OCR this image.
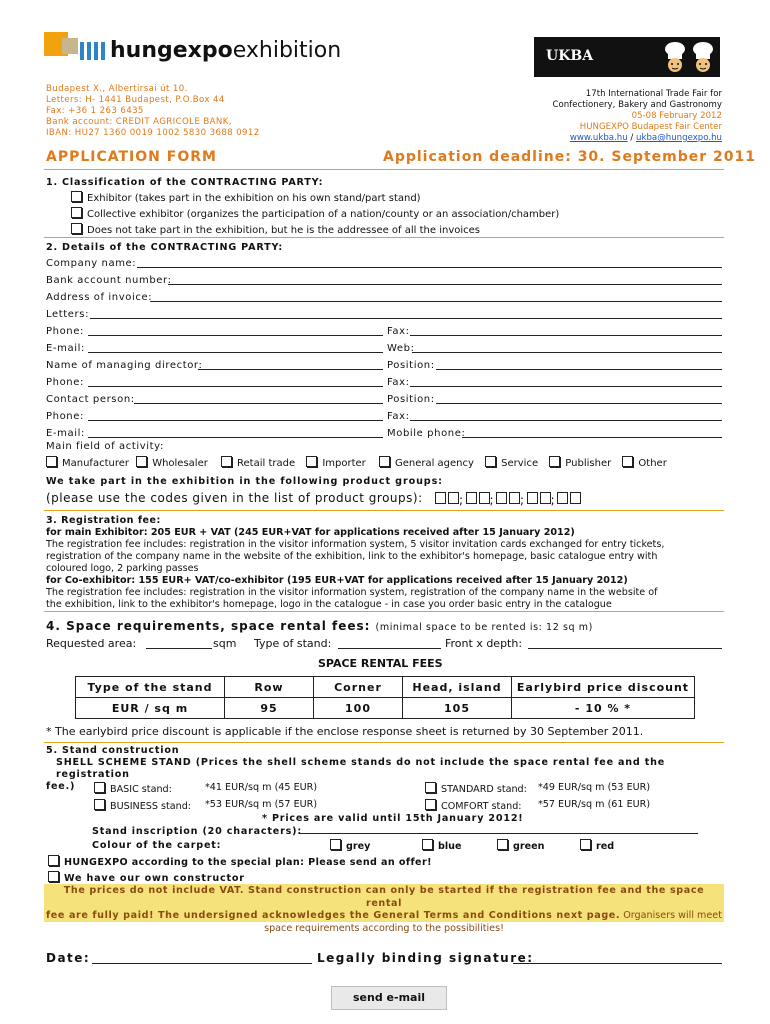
hungexpoexhibition	UKBA
Budapest X., Albertirsai út 10.
Letters: H- 1441 Budapest, P.O.Box 44
Fax: +36 1 263 6435
Bank account: CREDIT AGRICOLE BANK,
IBAN: HU27 1360 0019 1002 5830 3688 0912
17th International Trade Fair for
Confectionery, Bakery and Gastronomy
05-08 February 2012
HUNGEXPO Budapest Fair Center
www.ukba.hu / ukba@hungexpo.hu
APPLICATION FORM	Application deadline: 30. September 2011
1. Classification of the CONTRACTING PARTY:
Exhibitor (takes part in the exhibition on his own stand/part stand)
Collective exhibitor (organizes the participation of a nation/county or an association/chamber)
Does not take part in the exhibition, but he is the addressee of all the invoices
2. Details of the CONTRACTING PARTY:
Company name:
Bank account number:
Address of invoice:
Letters:
Phone:	Fax:
E-mail:	Web:
Name of managing director:	Position:
Phone:	Fax:
Contact person:	Position:
Phone:	Fax:
E-mail:	Mobile phone:
Main field of activity:
Manufacturer Wholesaler	Retail trade	Importer	General agency	Service	Publisher	Other
We take part in the exhibition in the following product groups:
(please use the codes given in the list of product groups):	; ; ; ;
3. Registration fee:
for main Exhibitor: 205 EUR + VAT (245 EUR+VAT for applications received after 15 January 2012)
The registration fee includes: registration in the visitor information system, 5 visitor invitation cards exchanged for entry tickets,
registration of the company name in the website of the exhibition, link to the exhibitor's homepage, basic catalogue entry with
coloured logo, 2 parking passes
for Co-exhibitor: 155 EUR+ VAT/co-exhibitor (195 EUR+VAT for applications received after 15 January 2012)
The registration fee includes: registration in the visitor information system, registration of the company name in the website of
the exhibition, link to the exhibitor's homepage, logo in the catalogue - in case you order basic entry in the catalogue
4. Space requirements, space rental fees: (minimal space to be rented is: 12 sq m)
Requested area:	sqm Type of stand:	Front x depth:
SPACE RENTAL FEES
Type of the stand	Row	Corner	Head, island	Earlybird price discount
EUR / sq m	95	100	105	- 10 % *
* The earlybird price discount is applicable if the enclose response sheet is returned by 30 September 2011.
5. Stand construction
SHELL SCHEME STAND (Prices the shell scheme stands do not include the space rental fee and the registration
fee.)	BASIC stand:	*41 EUR/sq m (45 EUR)	STANDARD stand: *49 EUR/sq m (53 EUR)
BUSINESS stand: *53 EUR/sq m (57 EUR)	COMFORT stand: *57 EUR/sq m (61 EUR)
* Prices are valid until 15th January 2012!
Stand inscription (20 characters):
Colour of the carpet:	grey	blue	green	red
HUNGEXPO according to the special plan: Please send an offer!
We have our own constructor
The prices do not include VAT. Stand construction can only be started if the registration fee and the space rental
fee are fully paid! The undersigned acknowledges the General Terms and Conditions next page. Organisers will meet
space requirements according to the possibilities!
Date:	Legally binding signature:
send e-mail
